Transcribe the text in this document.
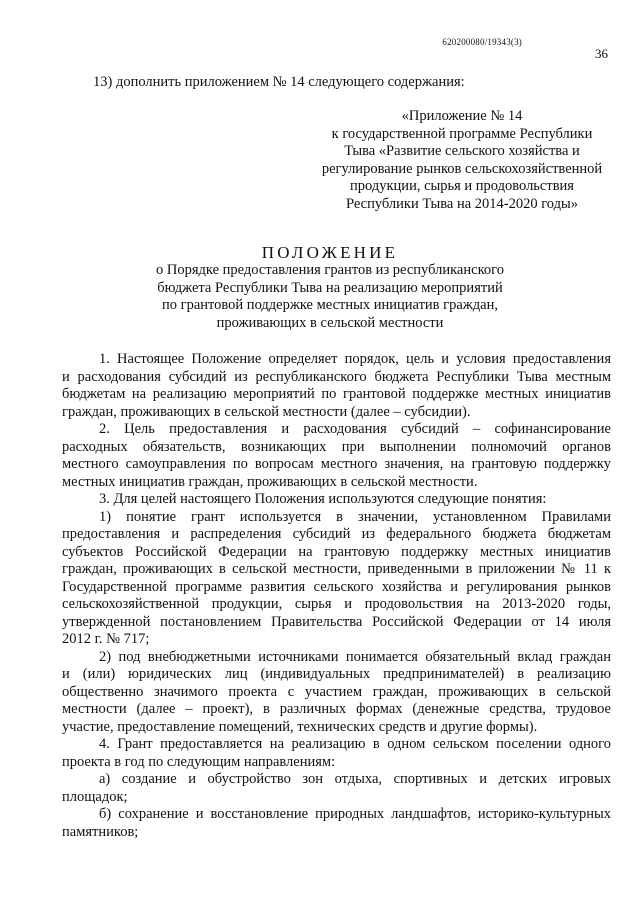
620200080/19343(3)
36
13) дополнить приложением № 14 следующего содержания:
«Приложение № 14
к государственной программе Республики
Тыва «Развитие сельского хозяйства и
регулирование рынков сельскохозяйственной
продукции, сырья и продовольствия
Республики Тыва на 2014-2020 годы»
ПОЛОЖЕНИЕ
о Порядке предоставления грантов из республиканского
бюджета Республики Тыва на реализацию мероприятий
по грантовой поддержке местных инициатив граждан,
проживающих в сельской местности
1. Настоящее Положение определяет порядок, цель и условия предоставления
и расходования субсидий из республиканского бюджета Республики Тыва местным
бюджетам на реализацию мероприятий по грантовой поддержке местных инициатив
граждан, проживающих в сельской местности (далее – субсидии).
2. Цель предоставления и расходования субсидий – софинансирование
расходных обязательств, возникающих при выполнении полномочий органов
местного самоуправления по вопросам местного значения, на грантовую поддержку
местных инициатив граждан, проживающих в сельской местности.
3. Для целей настоящего Положения используются следующие понятия:
1) понятие грант используется в значении, установленном Правилами
предоставления и распределения субсидий из федерального бюджета бюджетам
субъектов Российской Федерации на грантовую поддержку местных инициатив
граждан, проживающих в сельской местности, приведенными в приложении № 11 к
Государственной программе развития сельского хозяйства и регулирования рынков
сельскохозяйственной продукции, сырья и продовольствия на 2013-2020 годы,
утвержденной постановлением Правительства Российской Федерации от 14 июля
2012 г. № 717;
2) под внебюджетными источниками понимается обязательный вклад граждан
и (или) юридических лиц (индивидуальных предпринимателей) в реализацию
общественно значимого проекта с участием граждан, проживающих в сельской
местности (далее – проект), в различных формах (денежные средства, трудовое
участие, предоставление помещений, технических средств и другие формы).
4. Грант предоставляется на реализацию в одном сельском поселении одного
проекта в год по следующим направлениям:
а) создание и обустройство зон отдыха, спортивных и детских игровых
площадок;
б) сохранение и восстановление природных ландшафтов, историко-культурных
памятников;
